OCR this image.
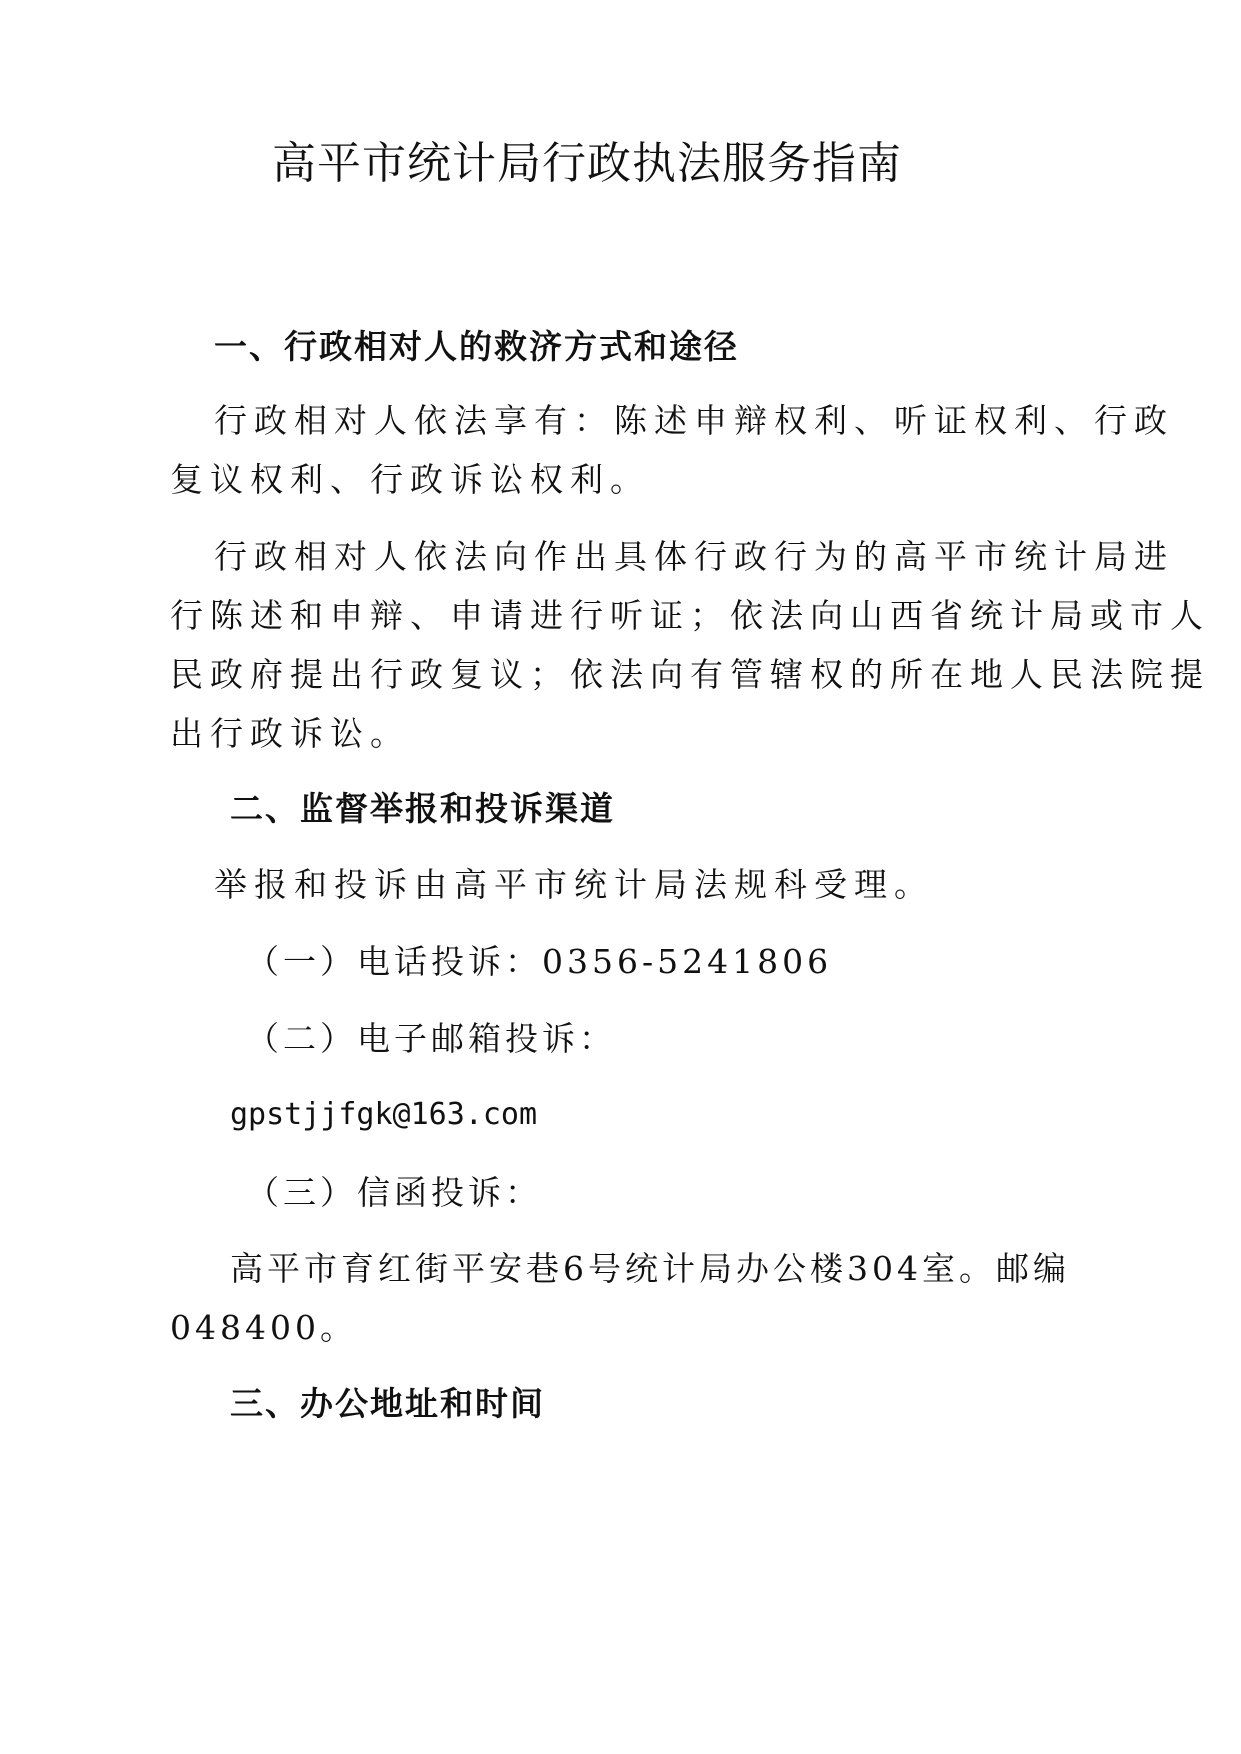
高平市统计局行政执法服务指南
一、行政相对人的救济方式和途径

行政相对人依法享有：陈述申辩权利、听证权利、行政

复议权利、行政诉讼权利。

行政相对人依法向作出具体行政行为的高平市统计局进

行陈述和申辩、申请进行听证；依法向山西省统计局或市人

民政府提出行政复议；依法向有管辖权的所在地人民法院提

出行政诉讼。

二、监督举报和投诉渠道

举报和投诉由高平市统计局法规科受理。

（一）电话投诉：0356-5241806

（二）电子邮箱投诉：

gpstjjfgk@163.com

（三）信函投诉：

高平市育红街平安巷6号统计局办公楼304室。邮编

048400。

三、办公地址和时间
